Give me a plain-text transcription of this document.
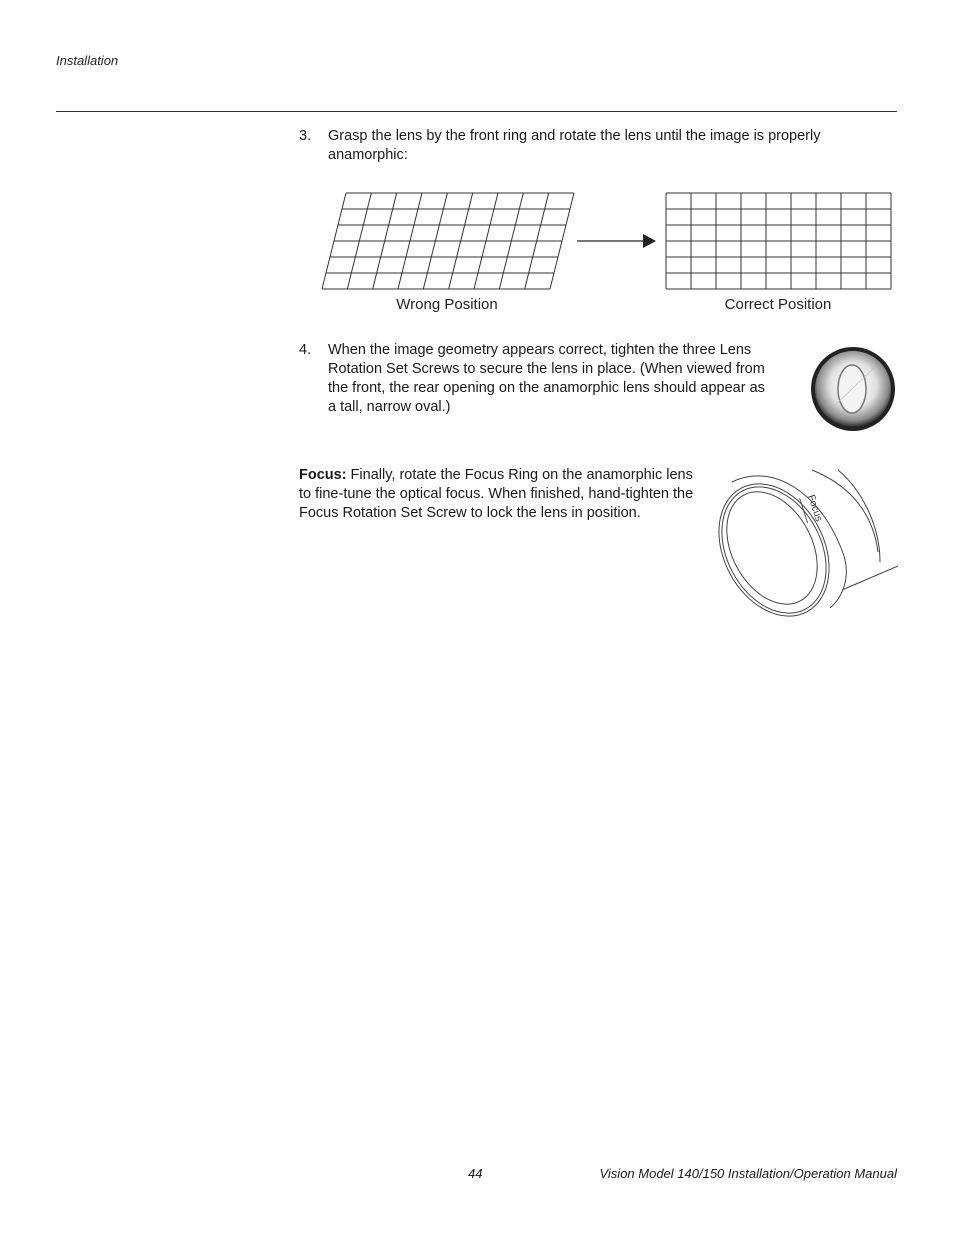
Installation
3. Grasp the lens by the front ring and rotate the lens until the image is properly anamorphic:
Wrong Position	Correct Position
4. When the image geometry appears correct, tighten the three Lens Rotation Set Screws to secure the lens in place. (When viewed from the front, the rear opening on the anamorphic lens should appear as a tall, narrow oval.)
Focus: Finally, rotate the Focus Ring on the anamorphic lens to fine-tune the optical focus. When finished, hand-tighten the Focus Rotation Set Screw to lock the lens in position.	Focus
44	Vision Model 140/150 Installation/Operation Manual
